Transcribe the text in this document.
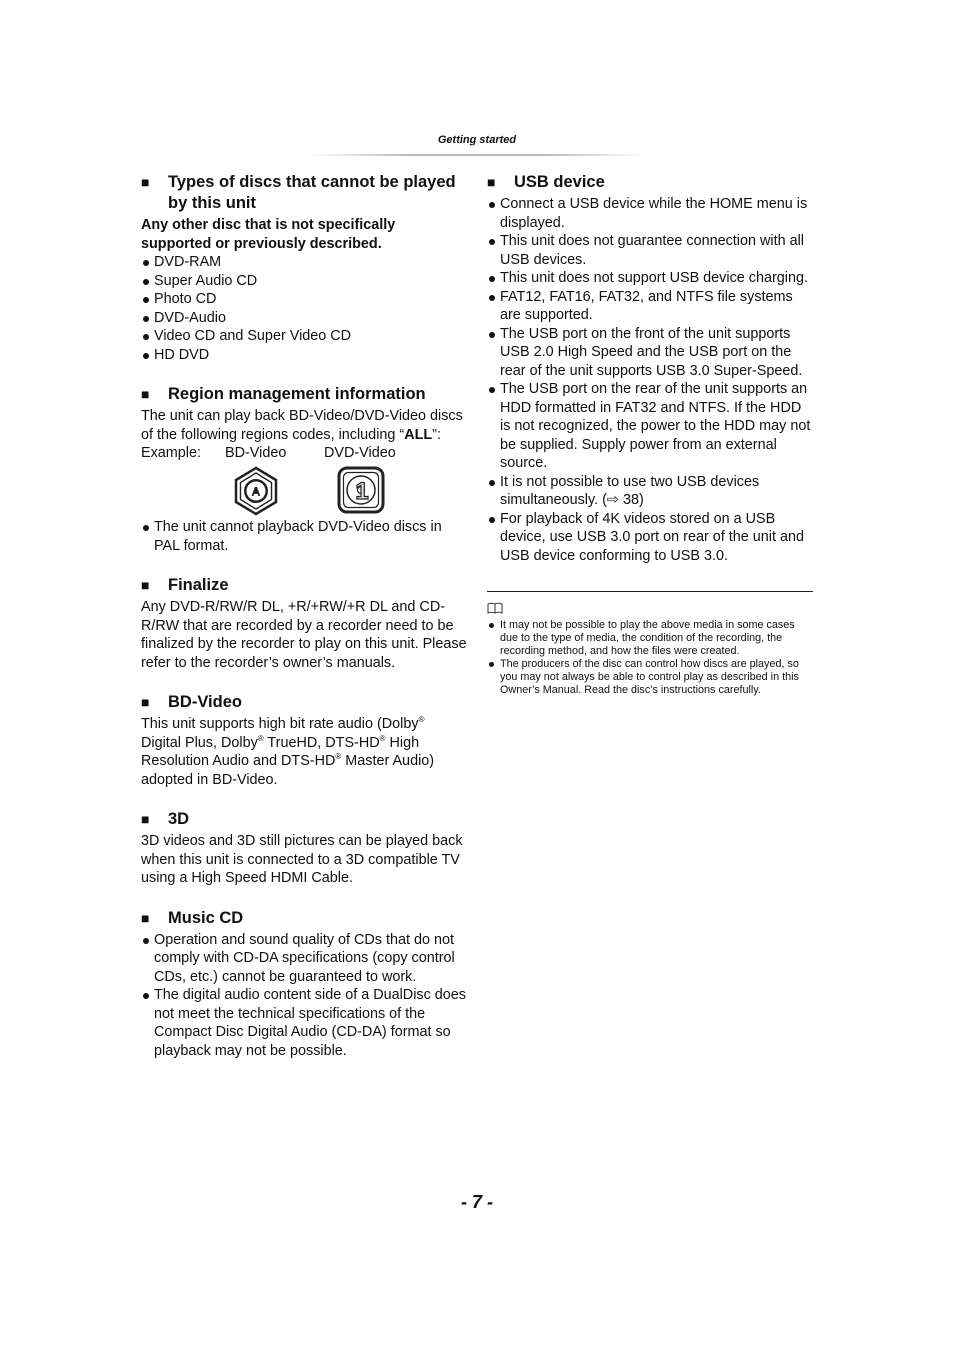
Getting started
■	Types of discs that cannot be played by this unit

Any other disc that is not specifically supported or previously described.

DVD-RAM
Super Audio CD
Photo CD
DVD-Audio
Video CD and Super Video CD
HD DVD
■	Region management information

The unit can play back BD-Video/DVD-Video discs of the following regions codes, including “ALL”:

Example:	BD-Video	DVD-Video
A	1
The unit cannot playback DVD-Video discs in PAL format.
■	Finalize

Any DVD-R/RW/R DL, +R/+RW/+R DL and CD-R/RW that are recorded by a recorder need to be finalized by the recorder to play on this unit. Please refer to the recorder’s owner’s manuals.

■	BD-Video

This unit supports high bit rate audio (Dolby®
Digital Plus, Dolby® TrueHD, DTS-HD® High Resolution Audio and DTS-HD® Master Audio) adopted in BD-Video.

■	3D

3D videos and 3D still pictures can be played back when this unit is connected to a 3D compatible TV using a High Speed HDMI Cable.

■	Music CD
Operation and sound quality of CDs that do not comply with CD-DA specifications (copy control CDs, etc.) cannot be guaranteed to work.
The digital audio content side of a DualDisc does not meet the technical specifications of the Compact Disc Digital Audio (CD-DA) format so playback may not be possible.
■	USB device
Connect a USB device while the HOME menu is displayed.
This unit does not guarantee connection with all USB devices.
This unit does not support USB device charging.
FAT12, FAT16, FAT32, and NTFS file systems are supported.
The USB port on the front of the unit supports USB 2.0 High Speed and the USB port on the rear of the unit supports USB 3.0 Super-Speed.
The USB port on the rear of the unit supports an HDD formatted in FAT32 and NTFS. If the HDD is not recognized, the power to the HDD may not be supplied. Supply power from an external source.
It is not possible to use two USB devices simultaneously. (⇨ 38)
For playback of 4K videos stored on a USB device, use USB 3.0 port on rear of the unit and USB device conforming to USB 3.0.
It may not be possible to play the above media in some cases due to the type of media, the condition of the recording, the recording method, and how the files were created.
The producers of the disc can control how discs are played, so you may not always be able to control play as described in this Owner’s Manual. Read the disc’s instructions carefully.
- 7 -
